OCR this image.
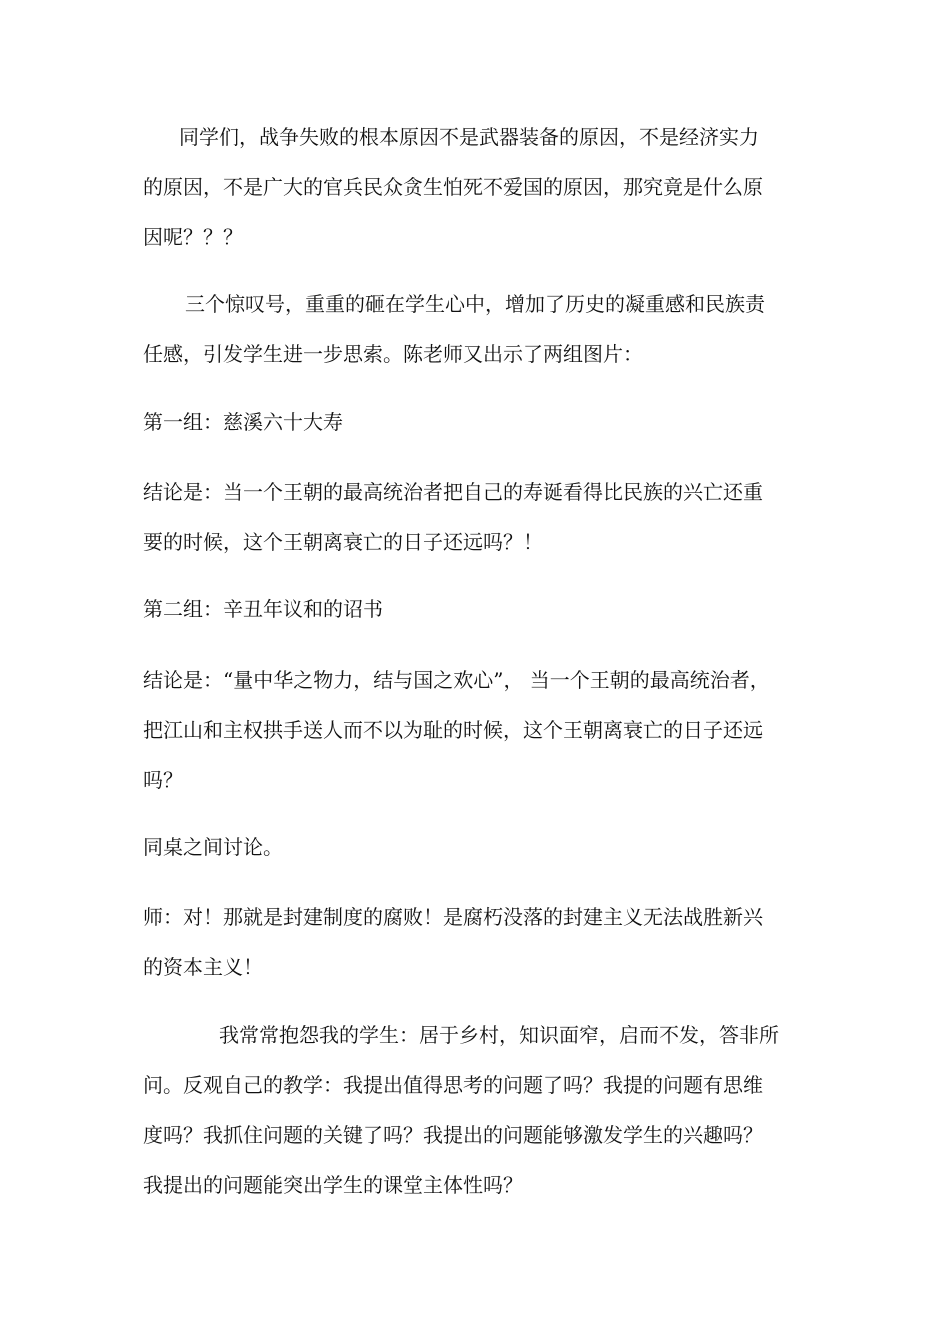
同学们，战争失败的根本原因不是武器装备的原因，不是经济实力
的原因，不是广大的官兵民众贪生怕死不爱国的原因，那究竟是什么原
因呢？？？

三个惊叹号，重重的砸在学生心中，增加了历史的凝重感和民族责
任感，引发学生进一步思索。陈老师又出示了两组图片：

第一组：慈溪六十大寿

结论是：当一个王朝的最高统治者把自己的寿诞看得比民族的兴亡还重
要的时候，这个王朝离衰亡的日子还远吗？！

第二组：辛丑年议和的诏书

结论是：“量中华之物力，结与国之欢心”， 当一个王朝的最高统治者，
把江山和主权拱手送人而不以为耻的时候，这个王朝离衰亡的日子还远
吗？

同桌之间讨论。

师：对！那就是封建制度的腐败！是腐朽没落的封建主义无法战胜新兴
的资本主义！

我常常抱怨我的学生：居于乡村，知识面窄，启而不发，答非所
问。反观自己的教学：我提出值得思考的问题了吗？我提的问题有思维
度吗？我抓住问题的关键了吗？我提出的问题能够激发学生的兴趣吗？
我提出的问题能突出学生的课堂主体性吗？
